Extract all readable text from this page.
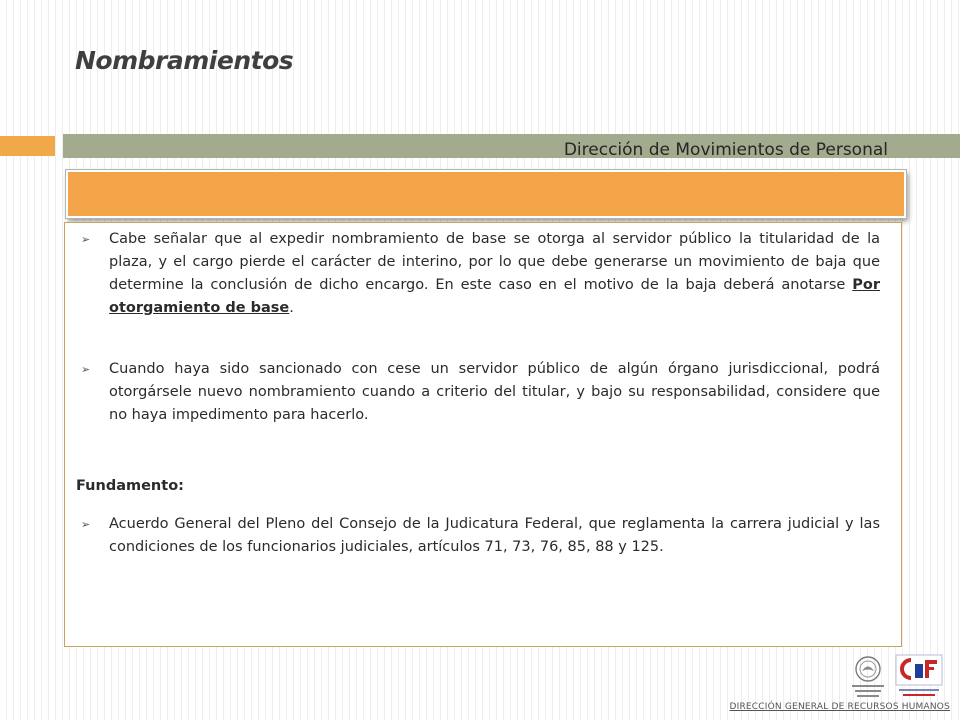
Nombramientos

Dirección de Movimientos de Personal

➢
Cabe señalar que al expedir nombramiento de base se otorga al servidor público la titularidad de la plaza, y el cargo pierde el carácter de interino, por lo que debe generarse un movimiento de baja que determine la conclusión de dicho encargo. En este caso en el motivo de la baja deberá anotarse Por otorgamiento de base.

➢
Cuando haya sido sancionado con cese un servidor público de algún órgano jurisdiccional, podrá otorgársele nuevo nombramiento cuando a criterio del titular, y bajo su responsabilidad, considere que no haya impedimento para hacerlo.

Fundamento:

➢
Acuerdo General del Pleno del Consejo de la Judicatura Federal, que reglamenta la carrera judicial y las condiciones de los funcionarios judiciales, artículos 71, 73, 76, 85, 88 y 125.

DIRECCIÓN GENERAL DE RECURSOS HUMANOS
